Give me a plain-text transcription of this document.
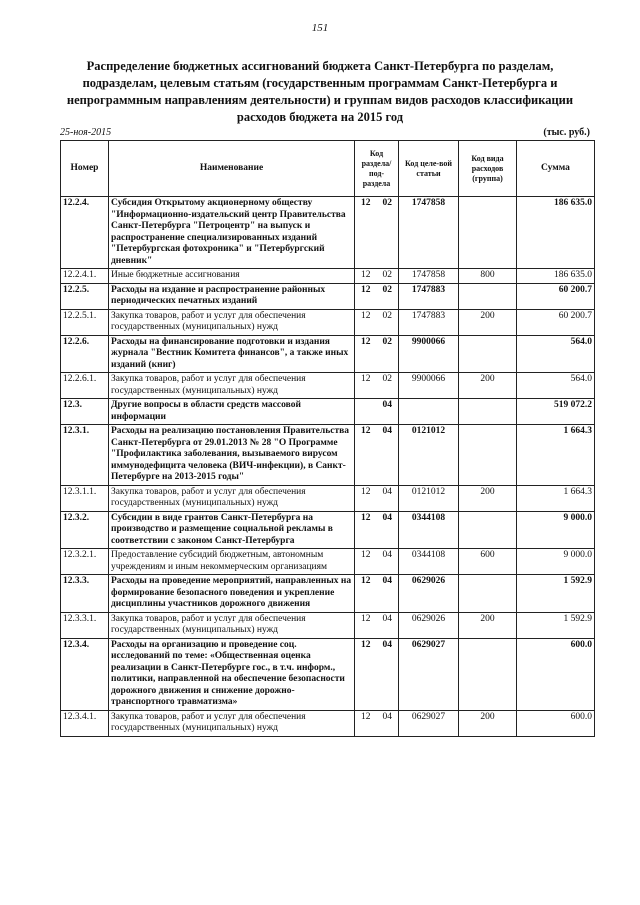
151
Распределение бюджетных ассигнований бюджета Санкт-Петербурга по разделам, подразделам, целевым статьям (государственным программам Санкт-Петербурга и непрограммным направлениям деятельности) и группам видов расходов классификации расходов бюджета на 2015 год
25-ноя-2015	(тыс. руб.)
Номер	Наименование	Код раздела/ под-раздела	Код целе-вой статьи	Код вида расходов (группа)	Сумма
12.2.4.	Субсидия Открытому акционерному обществу "Информационно-издательский центр Правительства Санкт-Петербурга "Петроцентр" на выпуск и распространение специализированных изданий "Петербургская фотохроника" и "Петербургский дневник"	12 02	1747858		186 635.0
12.2.4.1.	Иные бюджетные ассигнования	12 02	1747858	800	186 635.0
12.2.5.	Расходы на издание и распространение районных периодических печатных изданий	12 02	1747883		60 200.7
12.2.5.1.	Закупка товаров, работ и услуг для обеспечения государственных (муниципальных) нужд	12 02	1747883	200	60 200.7
12.2.6.	Расходы на финансирование подготовки и издания журнала "Вестник Комитета финансов", а также иных изданий (книг)	12 02	9900066		564.0
12.2.6.1.	Закупка товаров, работ и услуг для обеспечения государственных (муниципальных) нужд	12 02	9900066	200	564.0
12.3.	Другие вопросы в области средств массовой информации	04			519 072.2
12.3.1.	Расходы на реализацию постановления Правительства Санкт-Петербурга от 29.01.2013 № 28 "О Программе "Профилактика заболевания, вызываемого вирусом иммунодефицита человека (ВИЧ-инфекции), в Санкт-Петербурге на 2013-2015 годы"	12 04	0121012		1 664.3
12.3.1.1.	Закупка товаров, работ и услуг для обеспечения государственных (муниципальных) нужд	12 04	0121012	200	1 664.3
12.3.2.	Субсидии в виде грантов Санкт-Петербурга на производство и размещение социальной рекламы в соответствии с законом Санкт-Петербурга	12 04	0344108		9 000.0
12.3.2.1.	Предоставление субсидий бюджетным, автономным учреждениям и иным некоммерческим организациям	12 04	0344108	600	9 000.0
12.3.3.	Расходы на проведение мероприятий, направленных на формирование безопасного поведения и укрепление дисциплины участников дорожного движения	12 04	0629026		1 592.9
12.3.3.1.	Закупка товаров, работ и услуг для обеспечения государственных (муниципальных) нужд	12 04	0629026	200	1 592.9
12.3.4.	Расходы на организацию и проведение соц. исследований по теме: «Общественная оценка реализации в Санкт-Петербурге гос., в т.ч. информ., политики, направленной на обеспечение безопасности дорожного движения и снижение дорожно-транспортного травматизма»	12 04	0629027		600.0
12.3.4.1.	Закупка товаров, работ и услуг для обеспечения государственных (муниципальных) нужд	12 04	0629027	200	600.0
